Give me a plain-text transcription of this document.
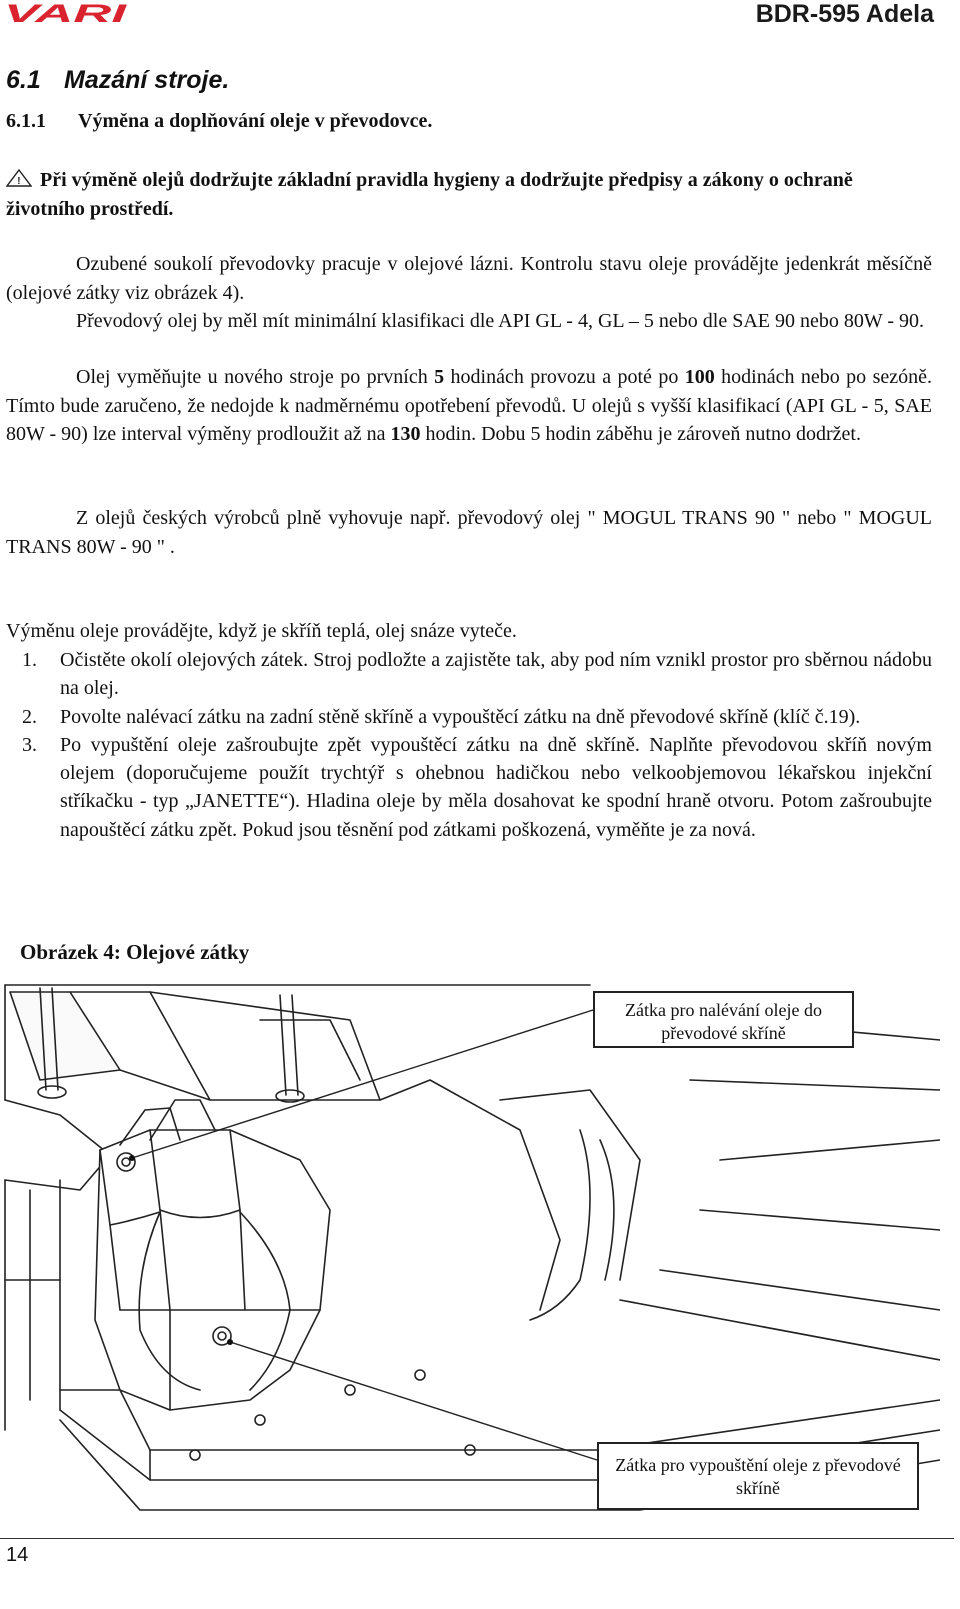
VARI	BDR-595 Adela
6.1 Mazání stroje.
6.1.1 Výměna a doplňování oleje v převodovce.
! Při výměně olejů dodržujte základní pravidla hygieny a dodržujte předpisy a zákony o ochraně životního prostředí.
Ozubené soukolí převodovky pracuje v olejové lázni. Kontrolu stavu oleje provádějte jedenkrát měsíčně (olejové zátky viz obrázek 4).
Převodový olej by měl mít minimální klasifikaci dle API GL - 4, GL – 5 nebo dle SAE 90 nebo 80W - 90.
Olej vyměňujte u nového stroje po prvních 5 hodinách provozu a poté po 100 hodinách nebo po sezóně. Tímto bude zaručeno, že nedojde k nadměrnému opotřebení převodů. U olejů s vyšší klasifikací (API GL - 5, SAE 80W - 90) lze interval výměny prodloužit až na 130 hodin. Dobu 5 hodin záběhu je zároveň nutno dodržet.
Z olejů českých výrobců plně vyhovuje např. převodový olej " MOGUL TRANS 90 " nebo " MOGUL TRANS 80W - 90 " .
Výměnu oleje provádějte, když je skříň teplá, olej snáze vyteče.
1. Očistěte okolí olejových zátek. Stroj podložte a zajistěte tak, aby pod ním vznikl prostor pro sběrnou nádobu na olej.
2. Povolte nalévací zátku na zadní stěně skříně a vypouštěcí zátku na dně převodové skříně (klíč č.19).
3. Po vypuštění oleje zašroubujte zpět vypouštěcí zátku na dně skříně. Naplňte převodovou skříň novým olejem (doporučujeme použít trychtýř s ohebnou hadičkou nebo velkoobjemovou lékařskou injekční stříkačku - typ „JANETTE“). Hladina oleje by měla dosahovat ke spodní hraně otvoru. Potom zašroubujte napouštěcí zátku zpět. Pokud jsou těsnění pod zátkami poškozená, vyměňte je za nová.
Obrázek 4: Olejové zátky
Zátka pro nalévání oleje do převodové skříně
Zátka pro vypouštění oleje z převodové skříně
14
